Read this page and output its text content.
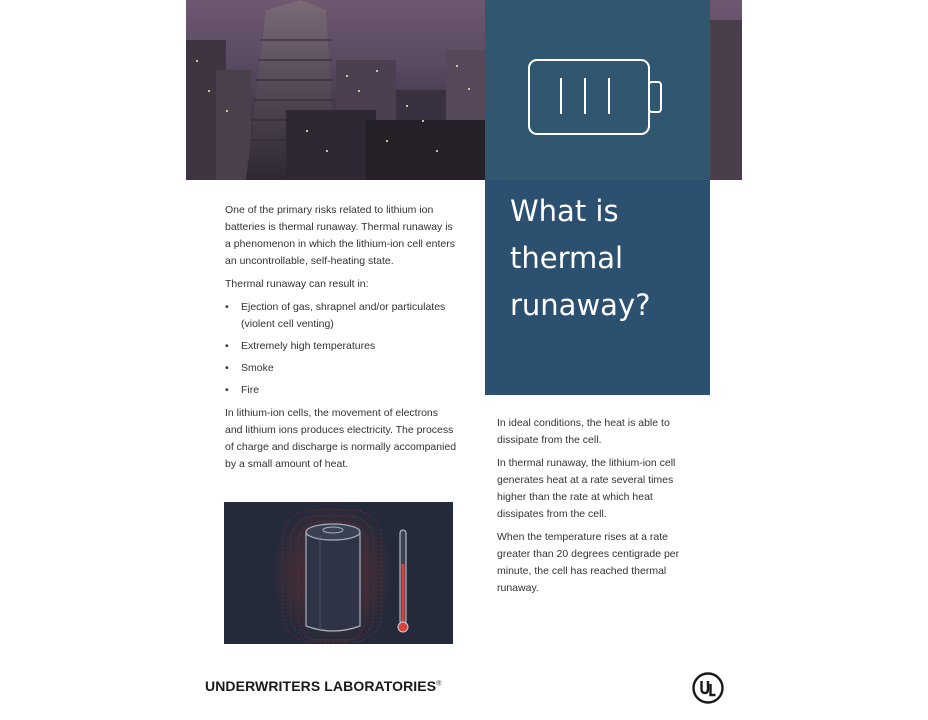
What is thermal runaway?

One of the primary risks related to lithium ion batteries is thermal runaway. Thermal runaway is a phenomenon in which the lithium-ion cell enters an uncontrollable, self-heating state.

Thermal runaway can result in:

• Ejection of gas, shrapnel and/or particulates (violent cell venting)
• Extremely high temperatures
• Smoke
• Fire

In lithium-ion cells, the movement of electrons and lithium ions produces electricity. The process of charge and discharge is normally accompanied by a small amount of heat.

In ideal conditions, the heat is able to dissipate from the cell.

In thermal runaway, the lithium-ion cell generates heat at a rate several times higher than the rate at which heat dissipates from the cell.

When the temperature rises at a rate greater than 20 degrees centigrade per minute, the cell has reached thermal runaway.

UNDERWRITERS LABORATORIES®
